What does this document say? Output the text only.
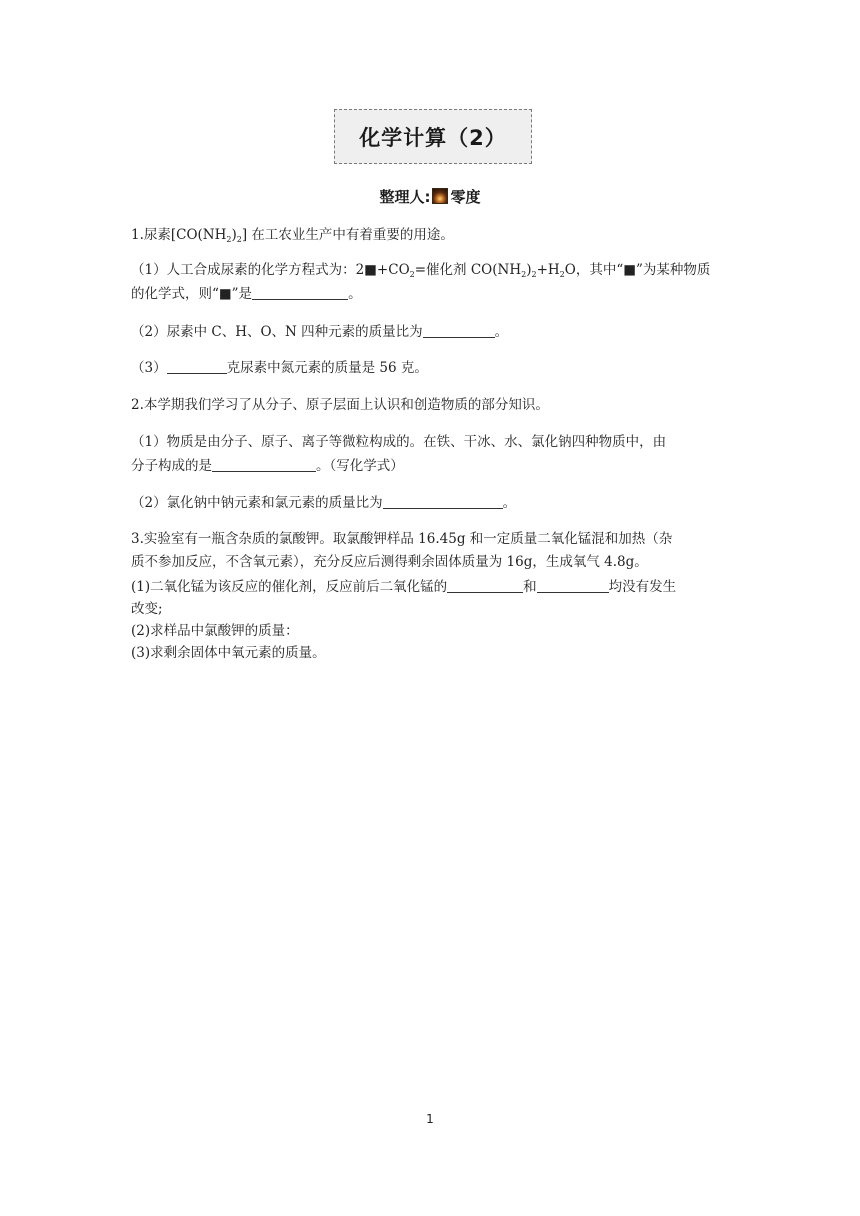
化学计算（2）
整理人: 零度
1.尿素$[CO(NH_2)_2]$ 在工农业生产中有着重要的用途。
（1）人工合成尿素的化学方程式为：$2■+CO_2=$催化剂 $CO(NH_2)_2+H_2O$，其中“■”为某种物质
的化学式，则“■”是	。
（2）尿素中 C、H、O、N 四种元素的质量比为	。
（3）	克尿素中氮元素的质量是 56 克。
2.本学期我们学习了从分子、原子层面上认识和创造物质的部分知识。
（1）物质是由分子、原子、离子等微粒构成的。在铁、干冰、水、氯化钠四种物质中，由
分子构成的是	。（写化学式）
（2）氯化钠中钠元素和氯元素的质量比为	。
3.实验室有一瓶含杂质的氯酸钾。取氯酸钾样品 16.45g 和一定质量二氧化锰混和加热（杂
质不参加反应，不含氧元素），充分反应后测得剩余固体质量为 16g，生成氧气 4.8g。
(1)二氧化锰为该反应的催化剂，反应前后二氧化锰的	和	均没有发生
改变;
(2)求样品中氯酸钾的质量：
(3)求剩余固体中氧元素的质量。
1
